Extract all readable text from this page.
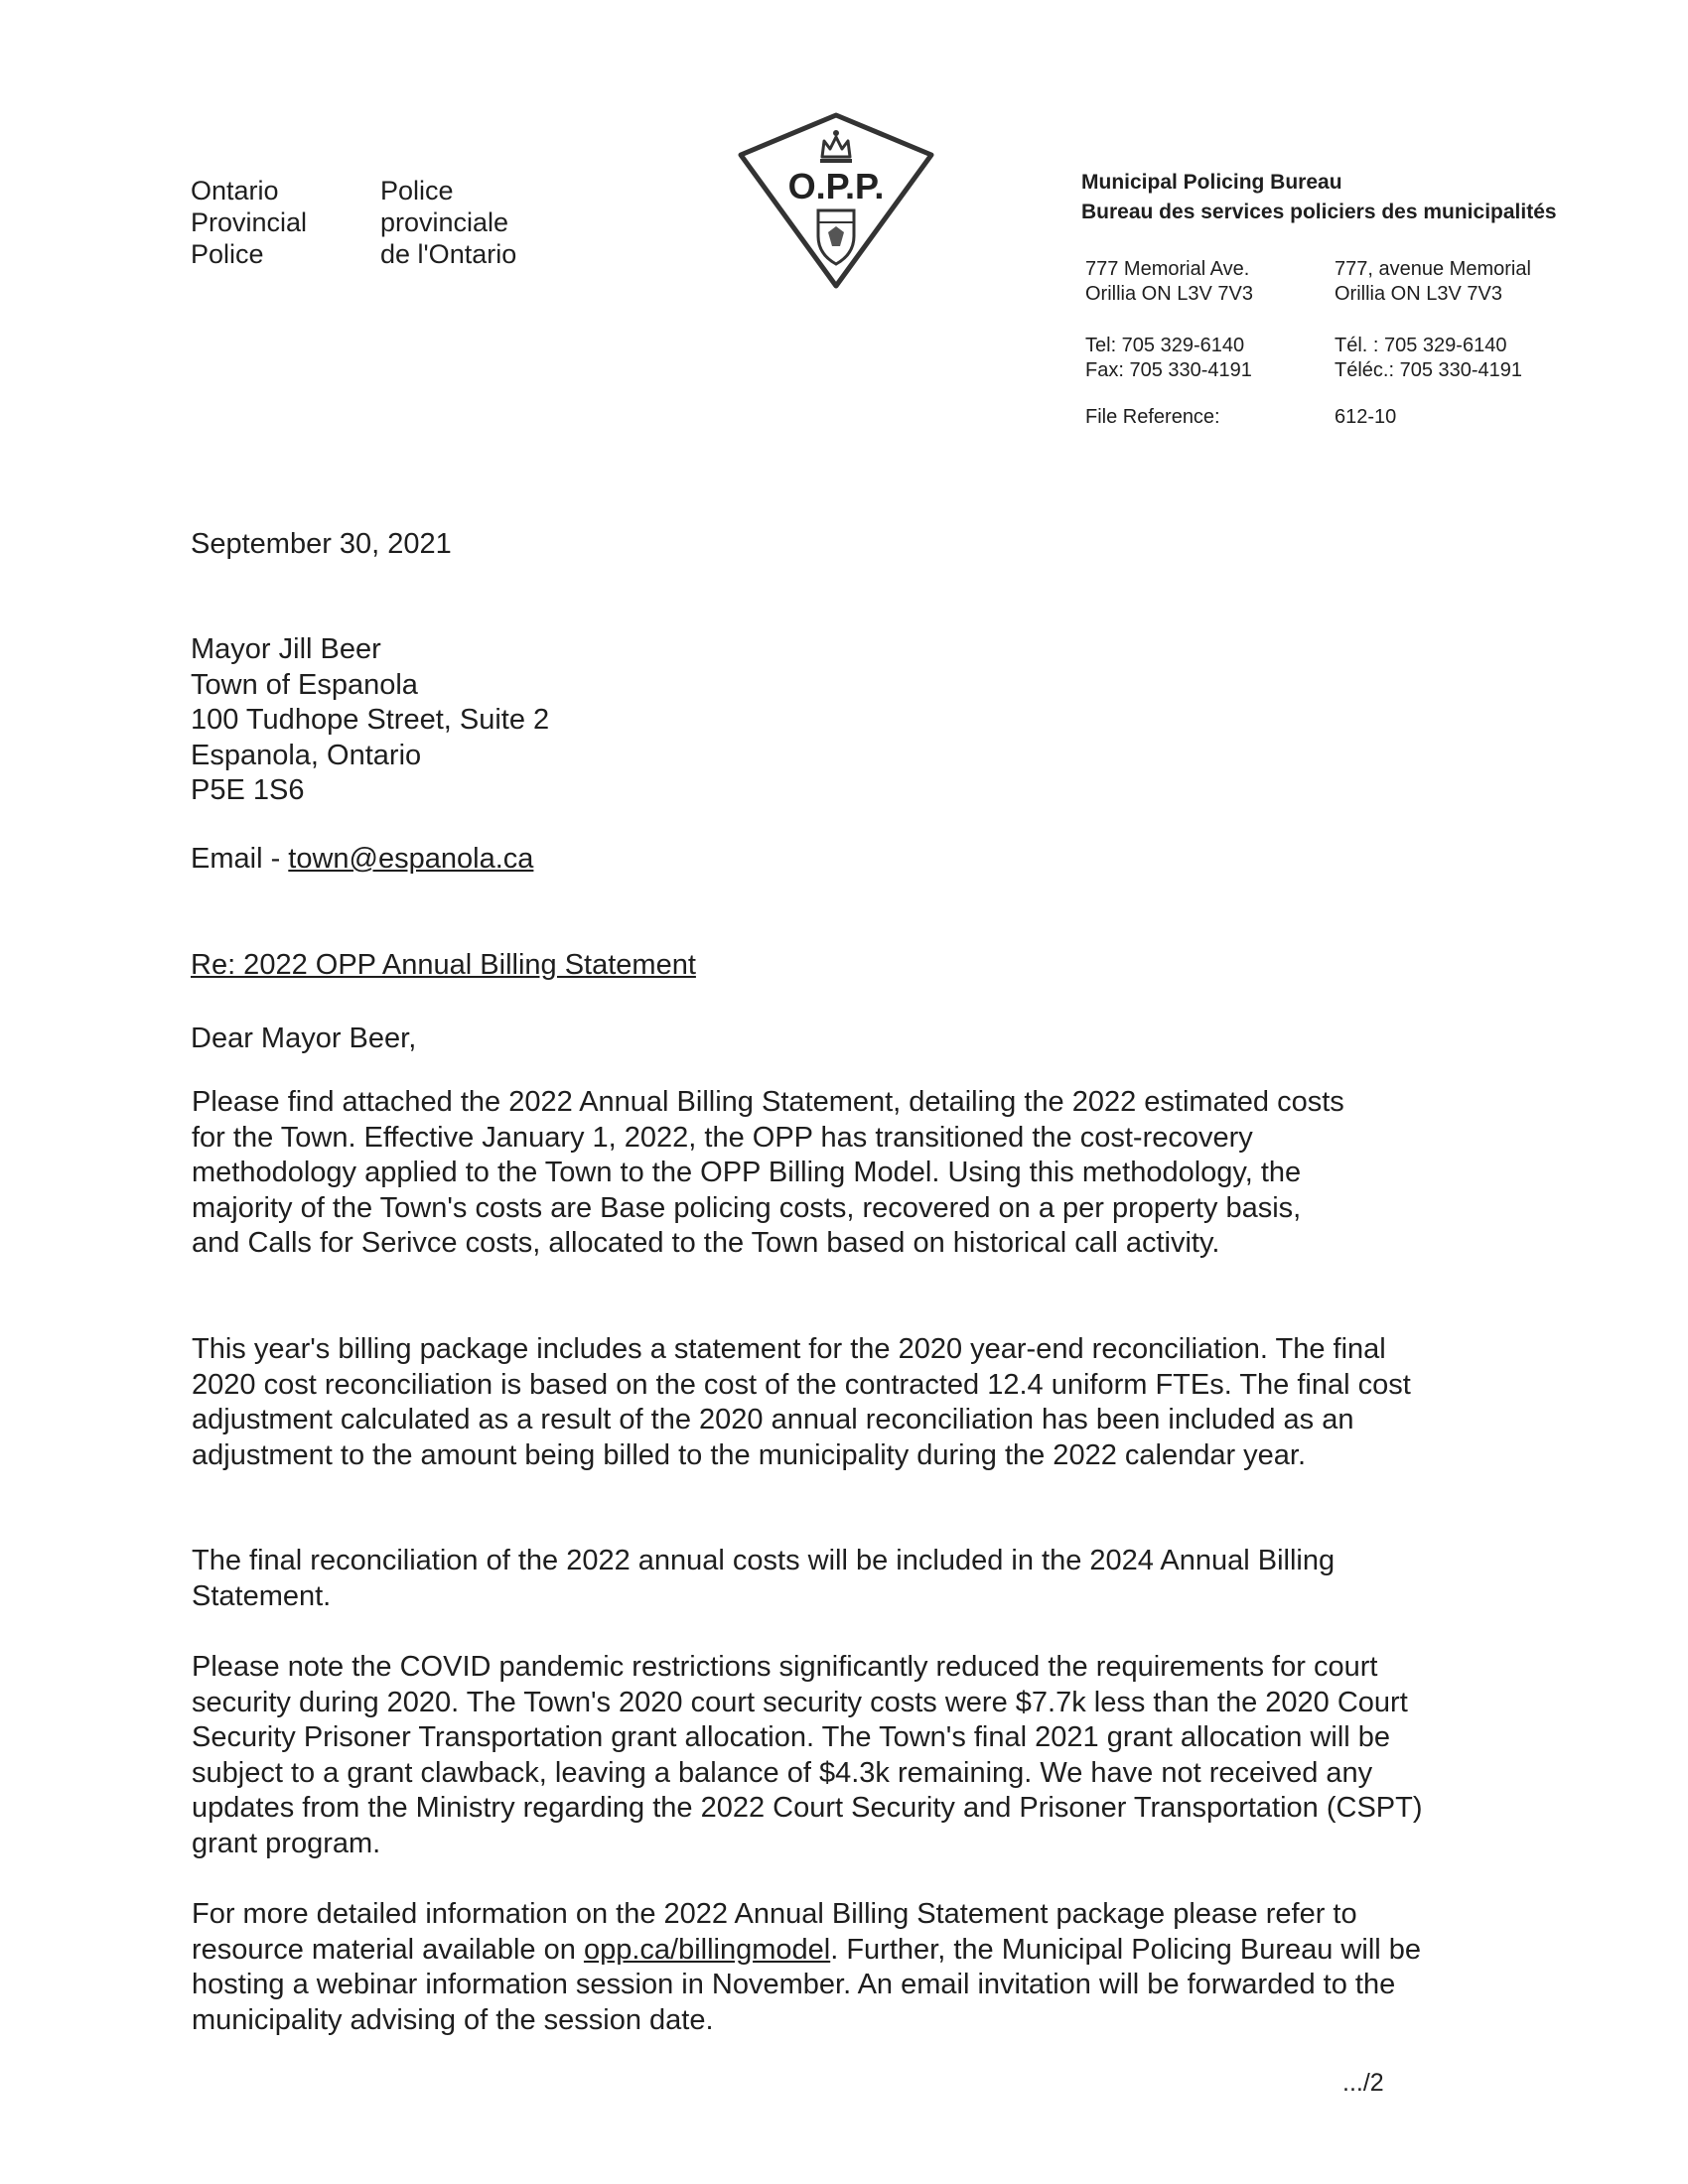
Ontario
Provincial
Police
Police
provinciale
de l'Ontario
O.P.P.	Municipal Policing Bureau
Bureau des services policiers des municipalités
777 Memorial Ave.
Orillia ON L3V 7V3
777, avenue Memorial
Orillia ON L3V 7V3
Tel: 705 329-6140
Fax: 705 330-4191
Tél. : 705 329-6140
Téléc.: 705 330-4191
File Reference:	612-10
September 30, 2021
Mayor Jill Beer
Town of Espanola
100 Tudhope Street, Suite 2
Espanola, Ontario
P5E 1S6
Email - town@espanola.ca
Re: 2022 OPP Annual Billing Statement
Dear Mayor Beer,

Please find attached the 2022 Annual Billing Statement, detailing the 2022 estimated costs for the Town. Effective January 1, 2022, the OPP has transitioned the cost-recovery methodology applied to the Town to the OPP Billing Model. Using this methodology, the majority of the Town's costs are Base policing costs, recovered on a per property basis, and Calls for Serivce costs, allocated to the Town based on historical call activity.

This year's billing package includes a statement for the 2020 year-end reconciliation. The final 2020 cost reconciliation is based on the cost of the contracted 12.4 uniform FTEs. The final cost adjustment calculated as a result of the 2020 annual reconciliation has been included as an adjustment to the amount being billed to the municipality during the 2022 calendar year.

The final reconciliation of the 2022 annual costs will be included in the 2024 Annual Billing Statement.

Please note the COVID pandemic restrictions significantly reduced the requirements for court security during 2020. The Town's 2020 court security costs were $7.7k less than the 2020 Court Security Prisoner Transportation grant allocation. The Town's final 2021 grant allocation will be subject to a grant clawback, leaving a balance of $4.3k remaining. We have not received any updates from the Ministry regarding the 2022 Court Security and Prisoner Transportation (CSPT) grant program.

For more detailed information on the 2022 Annual Billing Statement package please refer to resource material available on opp.ca/billingmodel. Further, the Municipal Policing Bureau will be hosting a webinar information session in November. An email invitation will be forwarded to the municipality advising of the session date.

.../2
